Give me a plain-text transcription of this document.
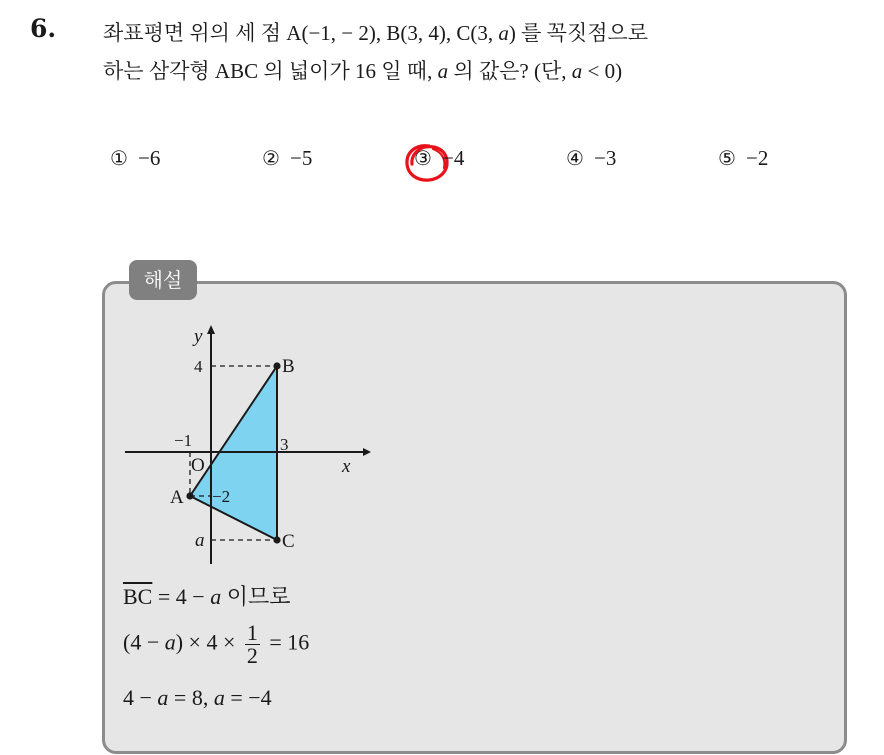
6. 좌표평면 위의 세 점 A(−1, − 2), B(3, 4), C(3, a) 를 꼭짓점으로
하는 삼각형 ABC 의 넓이가 16 일 때, a 의 값은? (단, a < 0)
① −6	② −5	③ −4	④ −3	⑤ −2
해설
y
x
4
−1	3
O
−2
a
A
B
C
$\overline{BC} = 4 - a$ 이므로
$(4 - a) \times 4 \times \frac{1}{2} = 16$
4 − a = 8, a = −4
